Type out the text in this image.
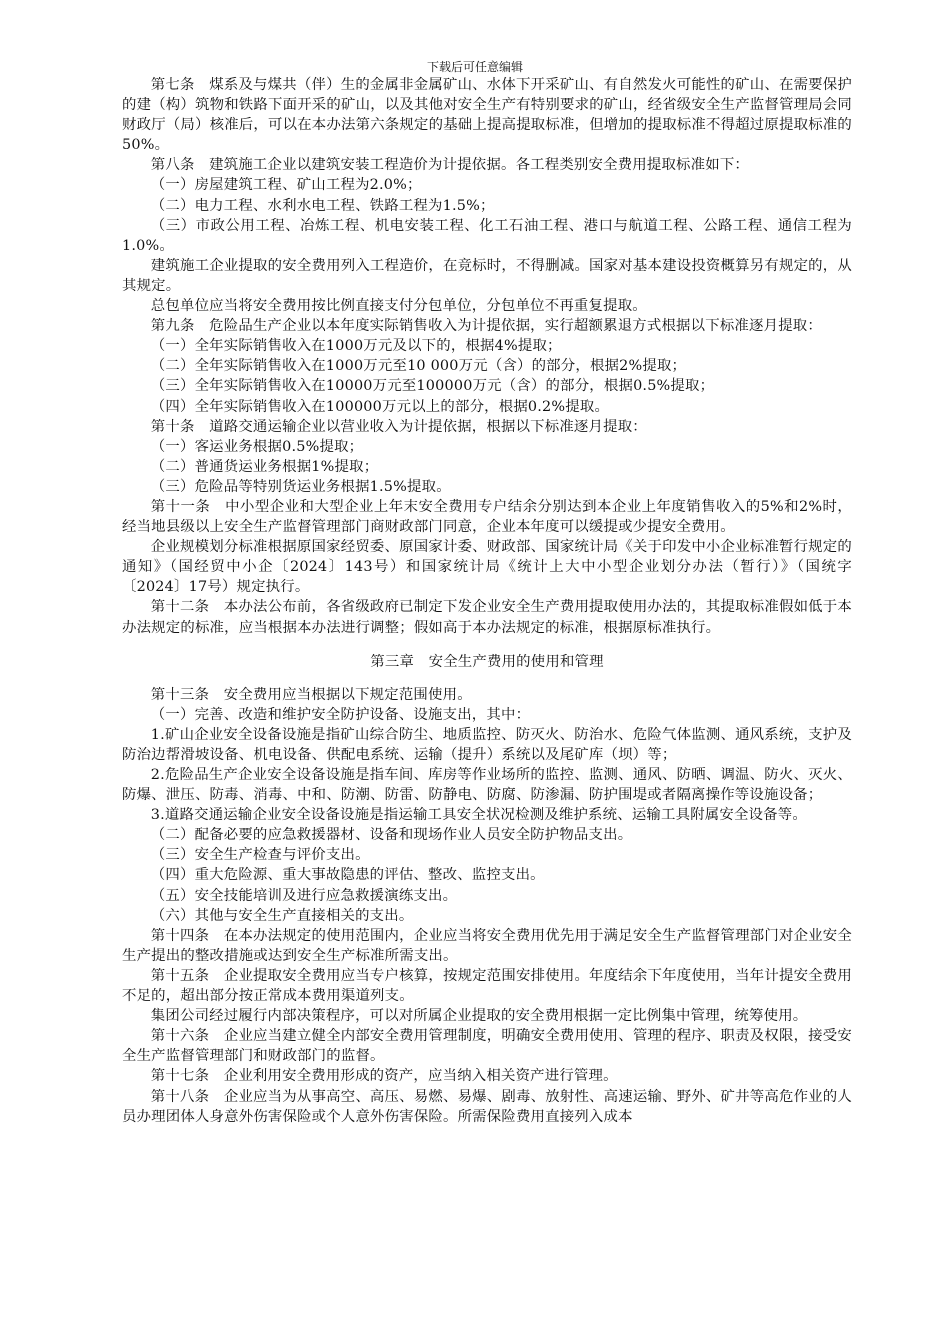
下载后可任意编辑

第七条　煤系及与煤共（伴）生的金属非金属矿山、水体下开采矿山、有自然发火可能性的矿山、在需要保护的建（构）筑物和铁路下面开采的矿山，以及其他对安全生产有特别要求的矿山，经省级安全生产监督管理局会同财政厅（局）核准后，可以在本办法第六条规定的基础上提高提取标准，但增加的提取标准不得超过原提取标准的50%。

第八条　建筑施工企业以建筑安装工程造价为计提依据。各工程类别安全费用提取标准如下：

（一）房屋建筑工程、矿山工程为2.0%；

（二）电力工程、水利水电工程、铁路工程为1.5%；

（三）市政公用工程、冶炼工程、机电安装工程、化工石油工程、港口与航道工程、公路工程、通信工程为1.0%。

建筑施工企业提取的安全费用列入工程造价，在竞标时，不得删减。国家对基本建设投资概算另有规定的，从其规定。

总包单位应当将安全费用按比例直接支付分包单位，分包单位不再重复提取。

第九条　危险品生产企业以本年度实际销售收入为计提依据，实行超额累退方式根据以下标准逐月提取：

（一）全年实际销售收入在1000万元及以下的，根据4%提取；

（二）全年实际销售收入在1000万元至10 000万元（含）的部分，根据2%提取；

（三）全年实际销售收入在10000万元至100000万元（含）的部分，根据0.5%提取；

（四）全年实际销售收入在100000万元以上的部分，根据0.2%提取。

第十条　道路交通运输企业以营业收入为计提依据，根据以下标准逐月提取：

（一）客运业务根据0.5%提取；

（二）普通货运业务根据1%提取；

（三）危险品等特别货运业务根据1.5%提取。

第十一条　中小型企业和大型企业上年末安全费用专户结余分别达到本企业上年度销售收入的5%和2%时，经当地县级以上安全生产监督管理部门商财政部门同意，企业本年度可以缓提或少提安全费用。

企业规模划分标准根据原国家经贸委、原国家计委、财政部、国家统计局《关于印发中小企业标准暂行规定的通知》（国经贸中小企〔2024〕143号）和国家统计局《统计上大中小型企业划分办法（暂行）》（国统字〔2024〕17号）规定执行。

第十二条　本办法公布前，各省级政府已制定下发企业安全生产费用提取使用办法的，其提取标准假如低于本办法规定的标准，应当根据本办法进行调整；假如高于本办法规定的标准，根据原标准执行。

第三章　安全生产费用的使用和管理

第十三条　安全费用应当根据以下规定范围使用。

（一）完善、改造和维护安全防护设备、设施支出，其中：

1.矿山企业安全设备设施是指矿山综合防尘、地质监控、防灭火、防治水、危险气体监测、通风系统，支护及防治边帮滑坡设备、机电设备、供配电系统、运输（提升）系统以及尾矿库（坝）等；

2.危险品生产企业安全设备设施是指车间、库房等作业场所的监控、监测、通风、防晒、调温、防火、灭火、防爆、泄压、防毒、消毒、中和、防潮、防雷、防静电、防腐、防渗漏、防护围堤或者隔离操作等设施设备；

3.道路交通运输企业安全设备设施是指运输工具安全状况检测及维护系统、运输工具附属安全设备等。

（二）配备必要的应急救援器材、设备和现场作业人员安全防护物品支出。

（三）安全生产检查与评价支出。

（四）重大危险源、重大事故隐患的评估、整改、监控支出。

（五）安全技能培训及进行应急救援演练支出。

（六）其他与安全生产直接相关的支出。

第十四条　在本办法规定的使用范围内，企业应当将安全费用优先用于满足安全生产监督管理部门对企业安全生产提出的整改措施或达到安全生产标准所需支出。

第十五条　企业提取安全费用应当专户核算，按规定范围安排使用。年度结余下年度使用，当年计提安全费用不足的，超出部分按正常成本费用渠道列支。

集团公司经过履行内部决策程序，可以对所属企业提取的安全费用根据一定比例集中管理，统筹使用。

第十六条　企业应当建立健全内部安全费用管理制度，明确安全费用使用、管理的程序、职责及权限，接受安全生产监督管理部门和财政部门的监督。

第十七条　企业利用安全费用形成的资产，应当纳入相关资产进行管理。

第十八条　企业应当为从事高空、高压、易燃、易爆、剧毒、放射性、高速运输、野外、矿井等高危作业的人员办理团体人身意外伤害保险或个人意外伤害保险。所需保险费用直接列入成本
